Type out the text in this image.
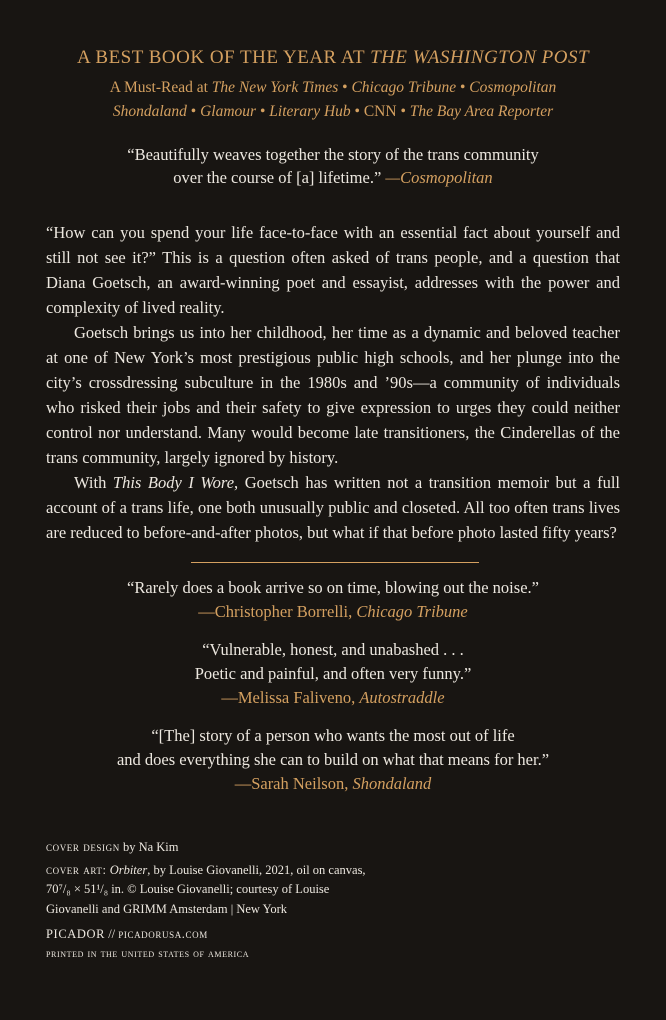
A BEST BOOK OF THE YEAR AT THE WASHINGTON POST
A Must-Read at The New York Times • Chicago Tribune • Cosmopolitan
Shondaland • Glamour • Literary Hub • CNN • The Bay Area Reporter
“Beautifully weaves together the story of the trans community
over the course of [a] lifetime.” —Cosmopolitan

“How can you spend your life face-to-face with an essential fact about yourself and still not see it?” This is a question often asked of trans people, and a question that Diana Goetsch, an award-winning poet and essayist, addresses with the power and complexity of lived reality.

Goetsch brings us into her childhood, her time as a dynamic and beloved teacher at one of New York’s most prestigious public high schools, and her plunge into the city’s crossdressing subculture in the 1980s and ’90s—a community of individuals who risked their jobs and their safety to give expression to urges they could neither control nor understand. Many would become late transitioners, the Cinderellas of the trans community, largely ignored by history.

With This Body I Wore, Goetsch has written not a transition memoir but a full account of a trans life, one both unusually public and closeted. All too often trans lives are reduced to before-and-after photos, but what if that before photo lasted fifty years?

“Rarely does a book arrive so on time, blowing out the noise.”
—Christopher Borrelli, Chicago Tribune
“Vulnerable, honest, and unabashed . . .
Poetic and painful, and often very funny.”
—Melissa Faliveno, Autostraddle
“[The] story of a person who wants the most out of life
and does everything she can to build on what that means for her.”
—Sarah Neilson, Shondaland
cover design by Na Kim
cover art: Orbiter, by Louise Giovanelli, 2021, oil on canvas, 70⁷/₈ × 51¹/₈ in. © Louise Giovanelli; courtesy of Louise Giovanelli and GRIMM Amsterdam | New York
PICADOR // picadorusa.com
printed in the united states of america
